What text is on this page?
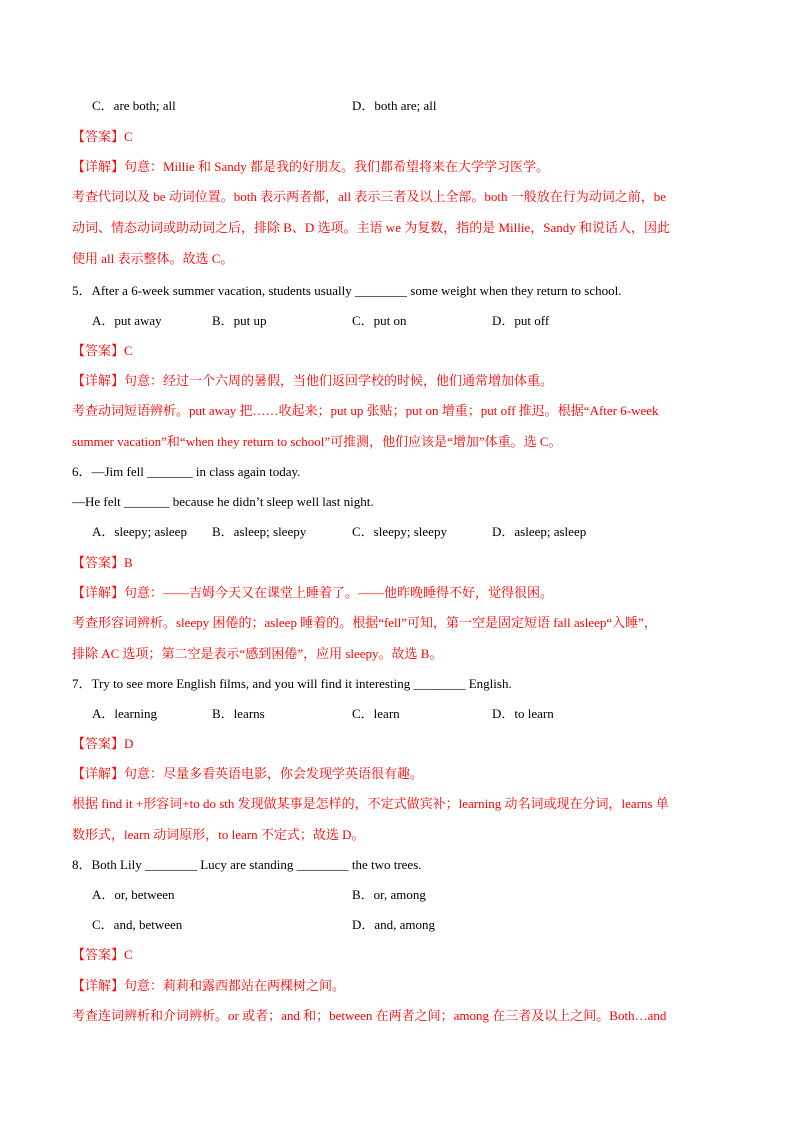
C．are both; all	D．both are; all
【答案】C
【详解】句意：Millie 和 Sandy 都是我的好朋友。我们都希望将来在大学学习医学。
考查代词以及 be 动词位置。both 表示两者都，all 表示三者及以上全部。both 一般放在行为动词之前，be
动词、情态动词或助动词之后，排除 B、D 选项。主语 we 为复数，指的是 Millie，Sandy 和说话人，因此
使用 all 表示整体。故选 C。
5．After a 6-week summer vacation, students usually ________ some weight when they return to school.
A．put away	B．put up	C．put on	D．put off
【答案】C
【详解】句意：经过一个六周的暑假，当他们返回学校的时候，他们通常增加体重。
考查动词短语辨析。put away 把……收起来；put up 张贴；put on 增重；put off 推迟。根据“After 6-week
summer vacation”和“when they return to school”可推测，他们应该是“增加”体重。选 C。
6．—Jim fell _______ in class again today.
—He felt _______ because he didn’t sleep well last night.
A．sleepy; asleep B．asleep; sleepy	C．sleepy; sleepy	D．asleep; asleep
【答案】B
【详解】句意：——吉姆今天又在课堂上睡着了。——他昨晚睡得不好，觉得很困。
考查形容词辨析。sleepy 困倦的；asleep 睡着的。根据“fell”可知，第一空是固定短语 fall asleep“入睡”，
排除 AC 选项；第二空是表示“感到困倦”，应用 sleepy。故选 B。
7．Try to see more English films, and you will find it interesting ________ English.
A．learning	B．learns	C．learn	D．to learn
【答案】D
【详解】句意：尽量多看英语电影，你会发现学英语很有趣。
根据 find it +形容词+to do sth 发现做某事是怎样的，不定式做宾补；learning 动名词或现在分词，learns 单
数形式，learn 动词原形，to learn 不定式；故选 D。
8．Both Lily ________ Lucy are standing ________ the two trees.
A．or, between	B．or, among
C．and, between	D．and, among
【答案】C
【详解】句意：莉莉和露西都站在两棵树之间。
考查连词辨析和介词辨析。or 或者；and 和；between 在两者之间；among 在三者及以上之间。Both…and
